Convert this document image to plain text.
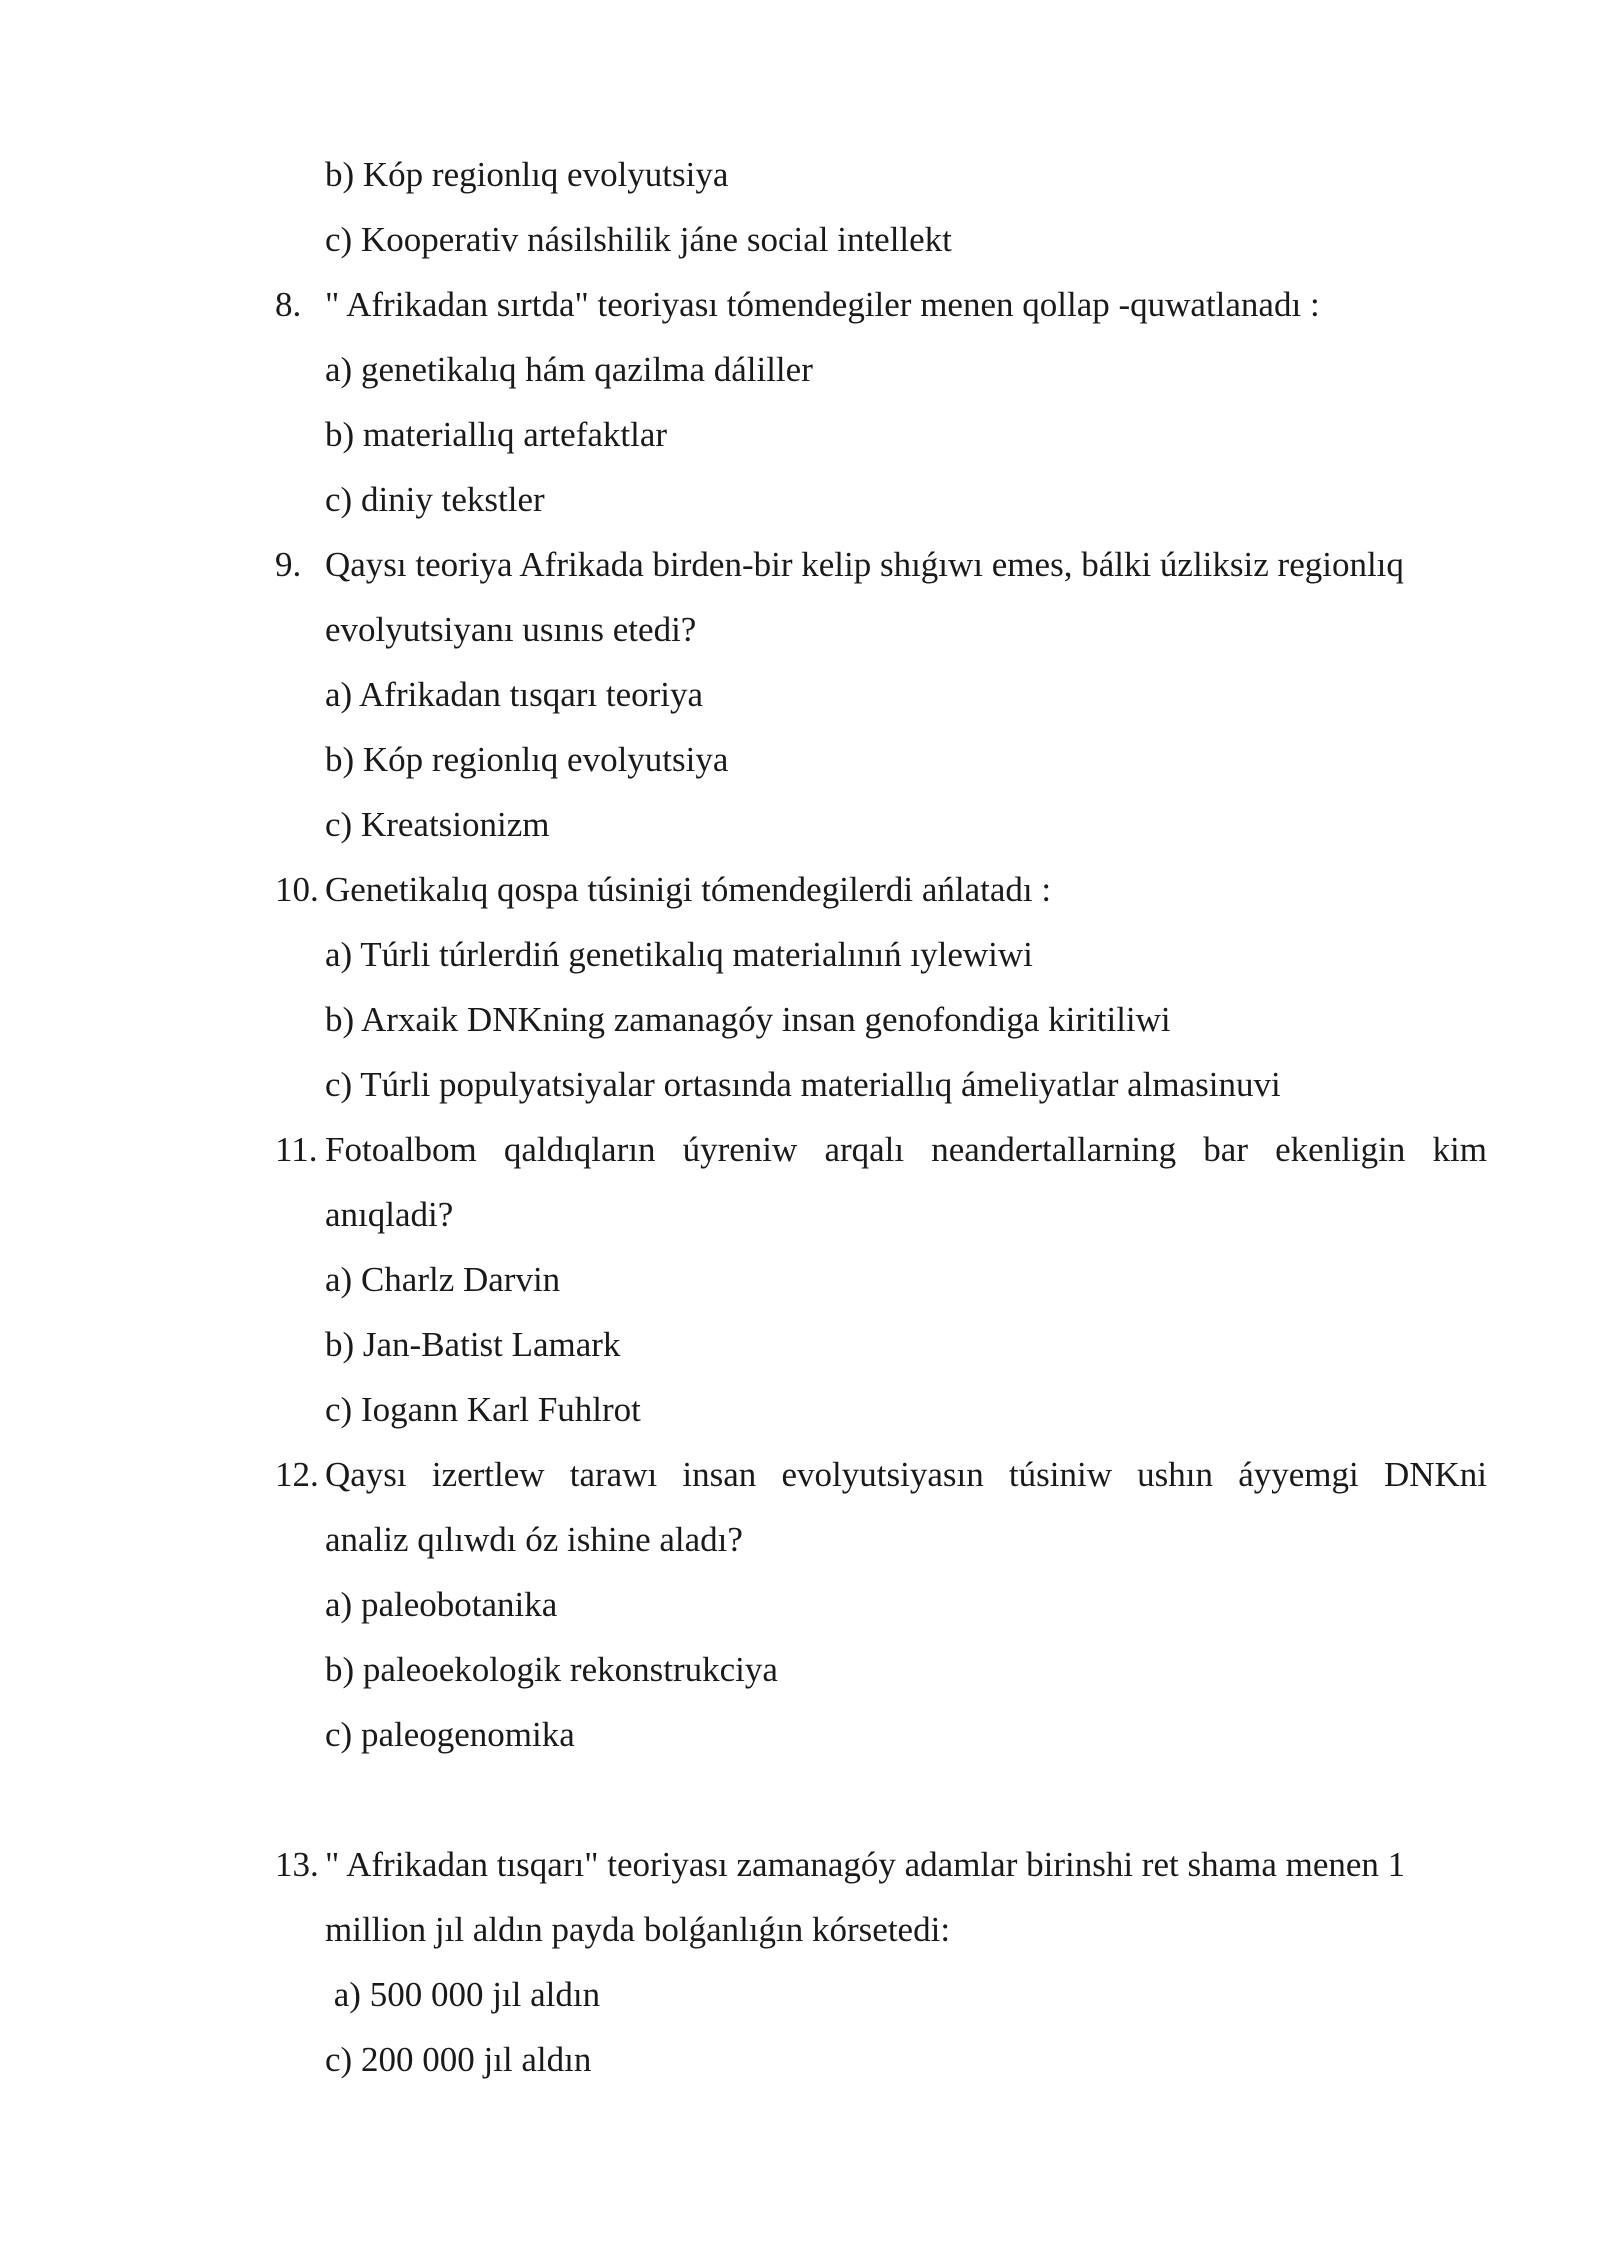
b) Kóp regionlıq evolyutsiya
c) Kooperativ násilshilik jáne social intellekt
8. " Afrikadan sırtda" teoriyası tómendegiler menen qollap -quwatlanadı :
a) genetikalıq hám qazilma dáliller
b) materiallıq artefaktlar
c) diniy tekstler
9. Qaysı teoriya Afrikada birden-bir kelip shıǵıwı emes, bálki úzliksiz regionlıq
evolyutsiyanı usınıs etedi?
a) Afrikadan tısqarı teoriya
b) Kóp regionlıq evolyutsiya
c) Kreatsionizm
10. Genetikalıq qospa túsinigi tómendegilerdi ańlatadı :
a) Túrli túrlerdiń genetikalıq materialınıń ıylewiwi
b) Arxaik DNKning zamanagóy insan genofondiga kiritiliwi
c) Túrli populyatsiyalar ortasında materiallıq ámeliyatlar almasinuvi
11. Fotoalbom qaldıqların úyreniw arqalı neandertallarning bar ekenligin kim
anıqladi?
a) Charlz Darvin
b) Jan-Batist Lamark
c) Iogann Karl Fuhlrot
12. Qaysı izertlew tarawı insan evolyutsiyasın túsiniw ushın áyyemgi DNKni
analiz qılıwdı óz ishine aladı?
a) paleobotanika
b) paleoekologik rekonstrukciya
c) paleogenomika
13. " Afrikadan tısqarı" teoriyası zamanagóy adamlar birinshi ret shama menen 1
million jıl aldın payda bolǵanlıǵın kórsetedi:
a) 500 000 jıl aldın
c) 200 000 jıl aldın
